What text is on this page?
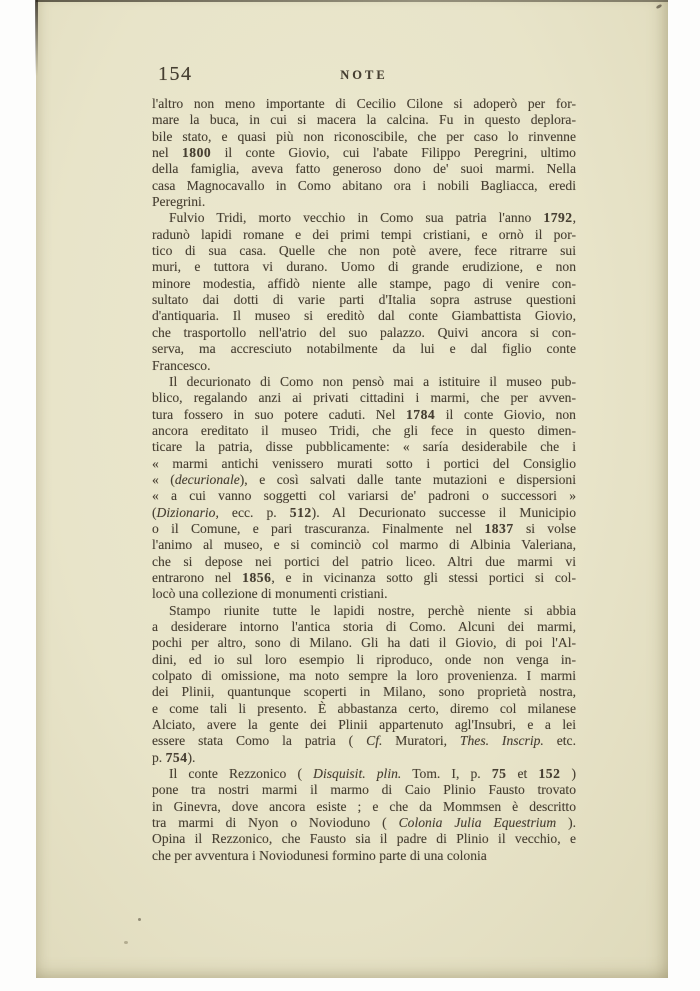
154	NOTE
l'altro non meno importante di Cecilio Cilone si adoperò per for-
mare la buca, in cui si macera la calcina. Fu in questo deplora-
bile stato, e quasi più non riconoscibile, che per caso lo rinvenne
nel 1800 il conte Giovio, cui l'abate Filippo Peregrini, ultimo
della famiglia, aveva fatto generoso dono de' suoi marmi. Nella
casa Magnocavallo in Como abitano ora i nobili Bagliacca, eredi
Peregrini.
Fulvio Tridi, morto vecchio in Como sua patria l'anno 1792,
radunò lapidi romane e dei primi tempi cristiani, e ornò il por-
tico di sua casa. Quelle che non potè avere, fece ritrarre sui
muri, e tuttora vi durano. Uomo di grande erudizione, e non
minore modestia, affidò niente alle stampe, pago di venire con-
sultato dai dotti di varie parti d'Italia sopra astruse questioni
d'antiquaria. Il museo si ereditò dal conte Giambattista Giovio,
che trasportollo nell'atrio del suo palazzo. Quivi ancora si con-
serva, ma accresciuto notabilmente da lui e dal figlio conte
Francesco.
Il decurionato di Como non pensò mai a istituire il museo pub-
blico, regalando anzi ai privati cittadini i marmi, che per avven-
tura fossero in suo potere caduti. Nel 1784 il conte Giovio, non
ancora ereditato il museo Tridi, che gli fece in questo dimen-
ticare la patria, disse pubblicamente: « saría desiderabile che i
« marmi antichi venissero murati sotto i portici del Consiglio
« (decurionale), e così salvati dalle tante mutazioni e dispersioni
« a cui vanno soggetti col variarsi de' padroni o successori »
(Dizionario, ecc. p. 512). Al Decurionato successe il Municipio
o il Comune, e pari trascuranza. Finalmente nel 1837 si volse
l'animo al museo, e si cominciò col marmo di Albinia Valeriana,
che si depose nei portici del patrio liceo. Altri due marmi vi
entrarono nel 1856, e in vicinanza sotto gli stessi portici si col-
locò una collezione di monumenti cristiani.
Stampo riunite tutte le lapidi nostre, perchè niente si abbia
a desiderare intorno l'antica storia di Como. Alcuni dei marmi,
pochi per altro, sono di Milano. Gli ha dati il Giovio, di poi l'Al-
dini, ed io sul loro esempio li riproduco, onde non venga in-
colpato di omissione, ma noto sempre la loro provenienza. I marmi
dei Plinii, quantunque scoperti in Milano, sono proprietà nostra,
e come tali li presento. È abbastanza certo, diremo col milanese
Alciato, avere la gente dei Plinii appartenuto agl'Insubri, e a lei
essere stata Como la patria ( Cf. Muratori, Thes. Inscrip. etc.
p. 754).
Il conte Rezzonico ( Disquisit. plin. Tom. I, p. 75 et 152 )
pone tra nostri marmi il marmo di Caio Plinio Fausto trovato
in Ginevra, dove ancora esiste ; e che da Mommsen è descritto
tra marmi di Nyon o Novioduno ( Colonia Julia Equestrium ).
Opina il Rezzonico, che Fausto sia il padre di Plinio il vecchio, e
che per avventura i Noviodunesi formino parte di una colonia
